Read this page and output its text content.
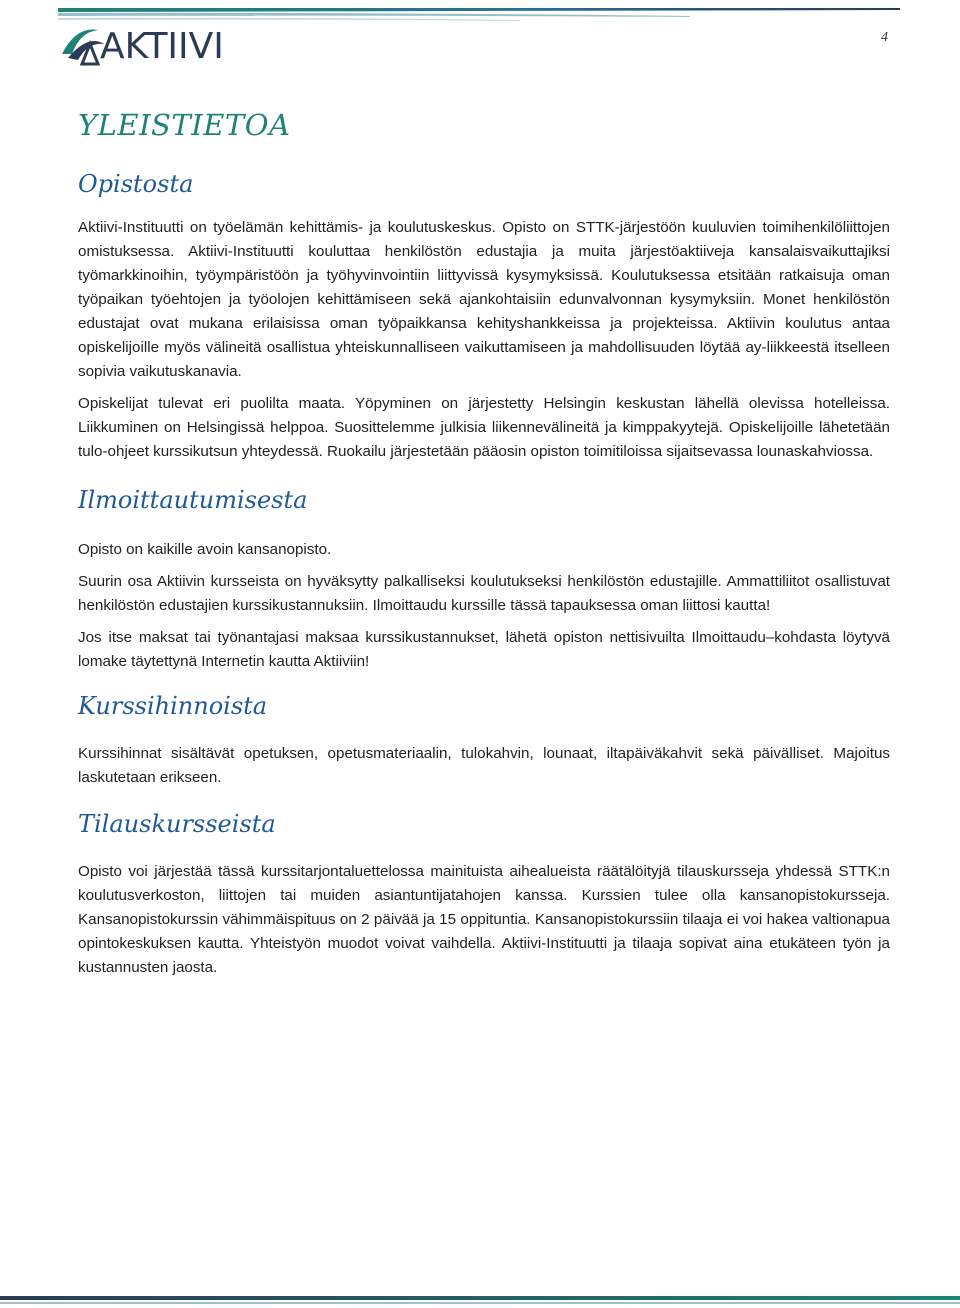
AKTIIVI	4
YLEISTIETOA
Opistosta

Aktiivi-Instituutti on työelämän kehittämis- ja koulutuskeskus. Opisto on STTK-järjestöön kuuluvien toimihenkilöliittojen omistuksessa. Aktiivi-Instituutti kouluttaa henkilöstön edustajia ja muita järjestöaktiiveja kansalaisvaikuttajiksi työmarkkinoihin, työympäristöön ja työhyvinvointiin liittyvissä kysymyksissä. Koulutuksessa etsitään ratkaisuja oman työpaikan työehtojen ja työolojen kehittämiseen sekä ajankohtaisiin edunvalvonnan kysymyksiin. Monet henkilöstön edustajat ovat mukana erilaisissa oman työpaikkansa kehityshankkeissa ja projekteissa. Aktiivin koulutus antaa opiskelijoille myös välineitä osallistua yhteiskunnalliseen vaikuttamiseen ja mahdollisuuden löytää ay-liikkeestä itselleen sopivia vaikutuskanavia.

Opiskelijat tulevat eri puolilta maata. Yöpyminen on järjestetty Helsingin keskustan lähellä olevissa hotelleissa. Liikkuminen on Helsingissä helppoa. Suosittelemme julkisia liikennevälineitä ja kimppakyytejä. Opiskelijoille lähetetään tulo-ohjeet kurssikutsun yhteydessä. Ruokailu järjestetään pääosin opiston toimitiloissa sijaitsevassa lounaskahviossa.

Ilmoittautumisesta

Opisto on kaikille avoin kansanopisto.

Suurin osa Aktiivin kursseista on hyväksytty palkalliseksi koulutukseksi henkilöstön edustajille. Ammattiliitot osallistuvat henkilöstön edustajien kurssikustannuksiin. Ilmoittaudu kurssille tässä tapauksessa oman liittosi kautta!

Jos itse maksat tai työnantajasi maksaa kurssikustannukset, lähetä opiston nettisivuilta Ilmoittaudu–kohdasta löytyvä lomake täytettynä Internetin kautta Aktiiviin!

Kurssihinnoista

Kurssihinnat sisältävät opetuksen, opetusmateriaalin, tulokahvin, lounaat, iltapäiväkahvit sekä päivälliset. Majoitus laskutetaan erikseen.

Tilauskursseista

Opisto voi järjestää tässä kurssitarjontaluettelossa mainituista aihealueista räätälöityjä tilauskursseja yhdessä STTK:n koulutusverkoston, liittojen tai muiden asiantuntijatahojen kanssa. Kurssien tulee olla kansanopistokursseja. Kansanopistokurssin vähimmäispituus on 2 päivää ja 15 oppituntia. Kansanopistokurssiin tilaaja ei voi hakea valtionapua opintokeskuksen kautta. Yhteistyön muodot voivat vaihdella. Aktiivi-Instituutti ja tilaaja sopivat aina etukäteen työn ja kustannusten jaosta.
